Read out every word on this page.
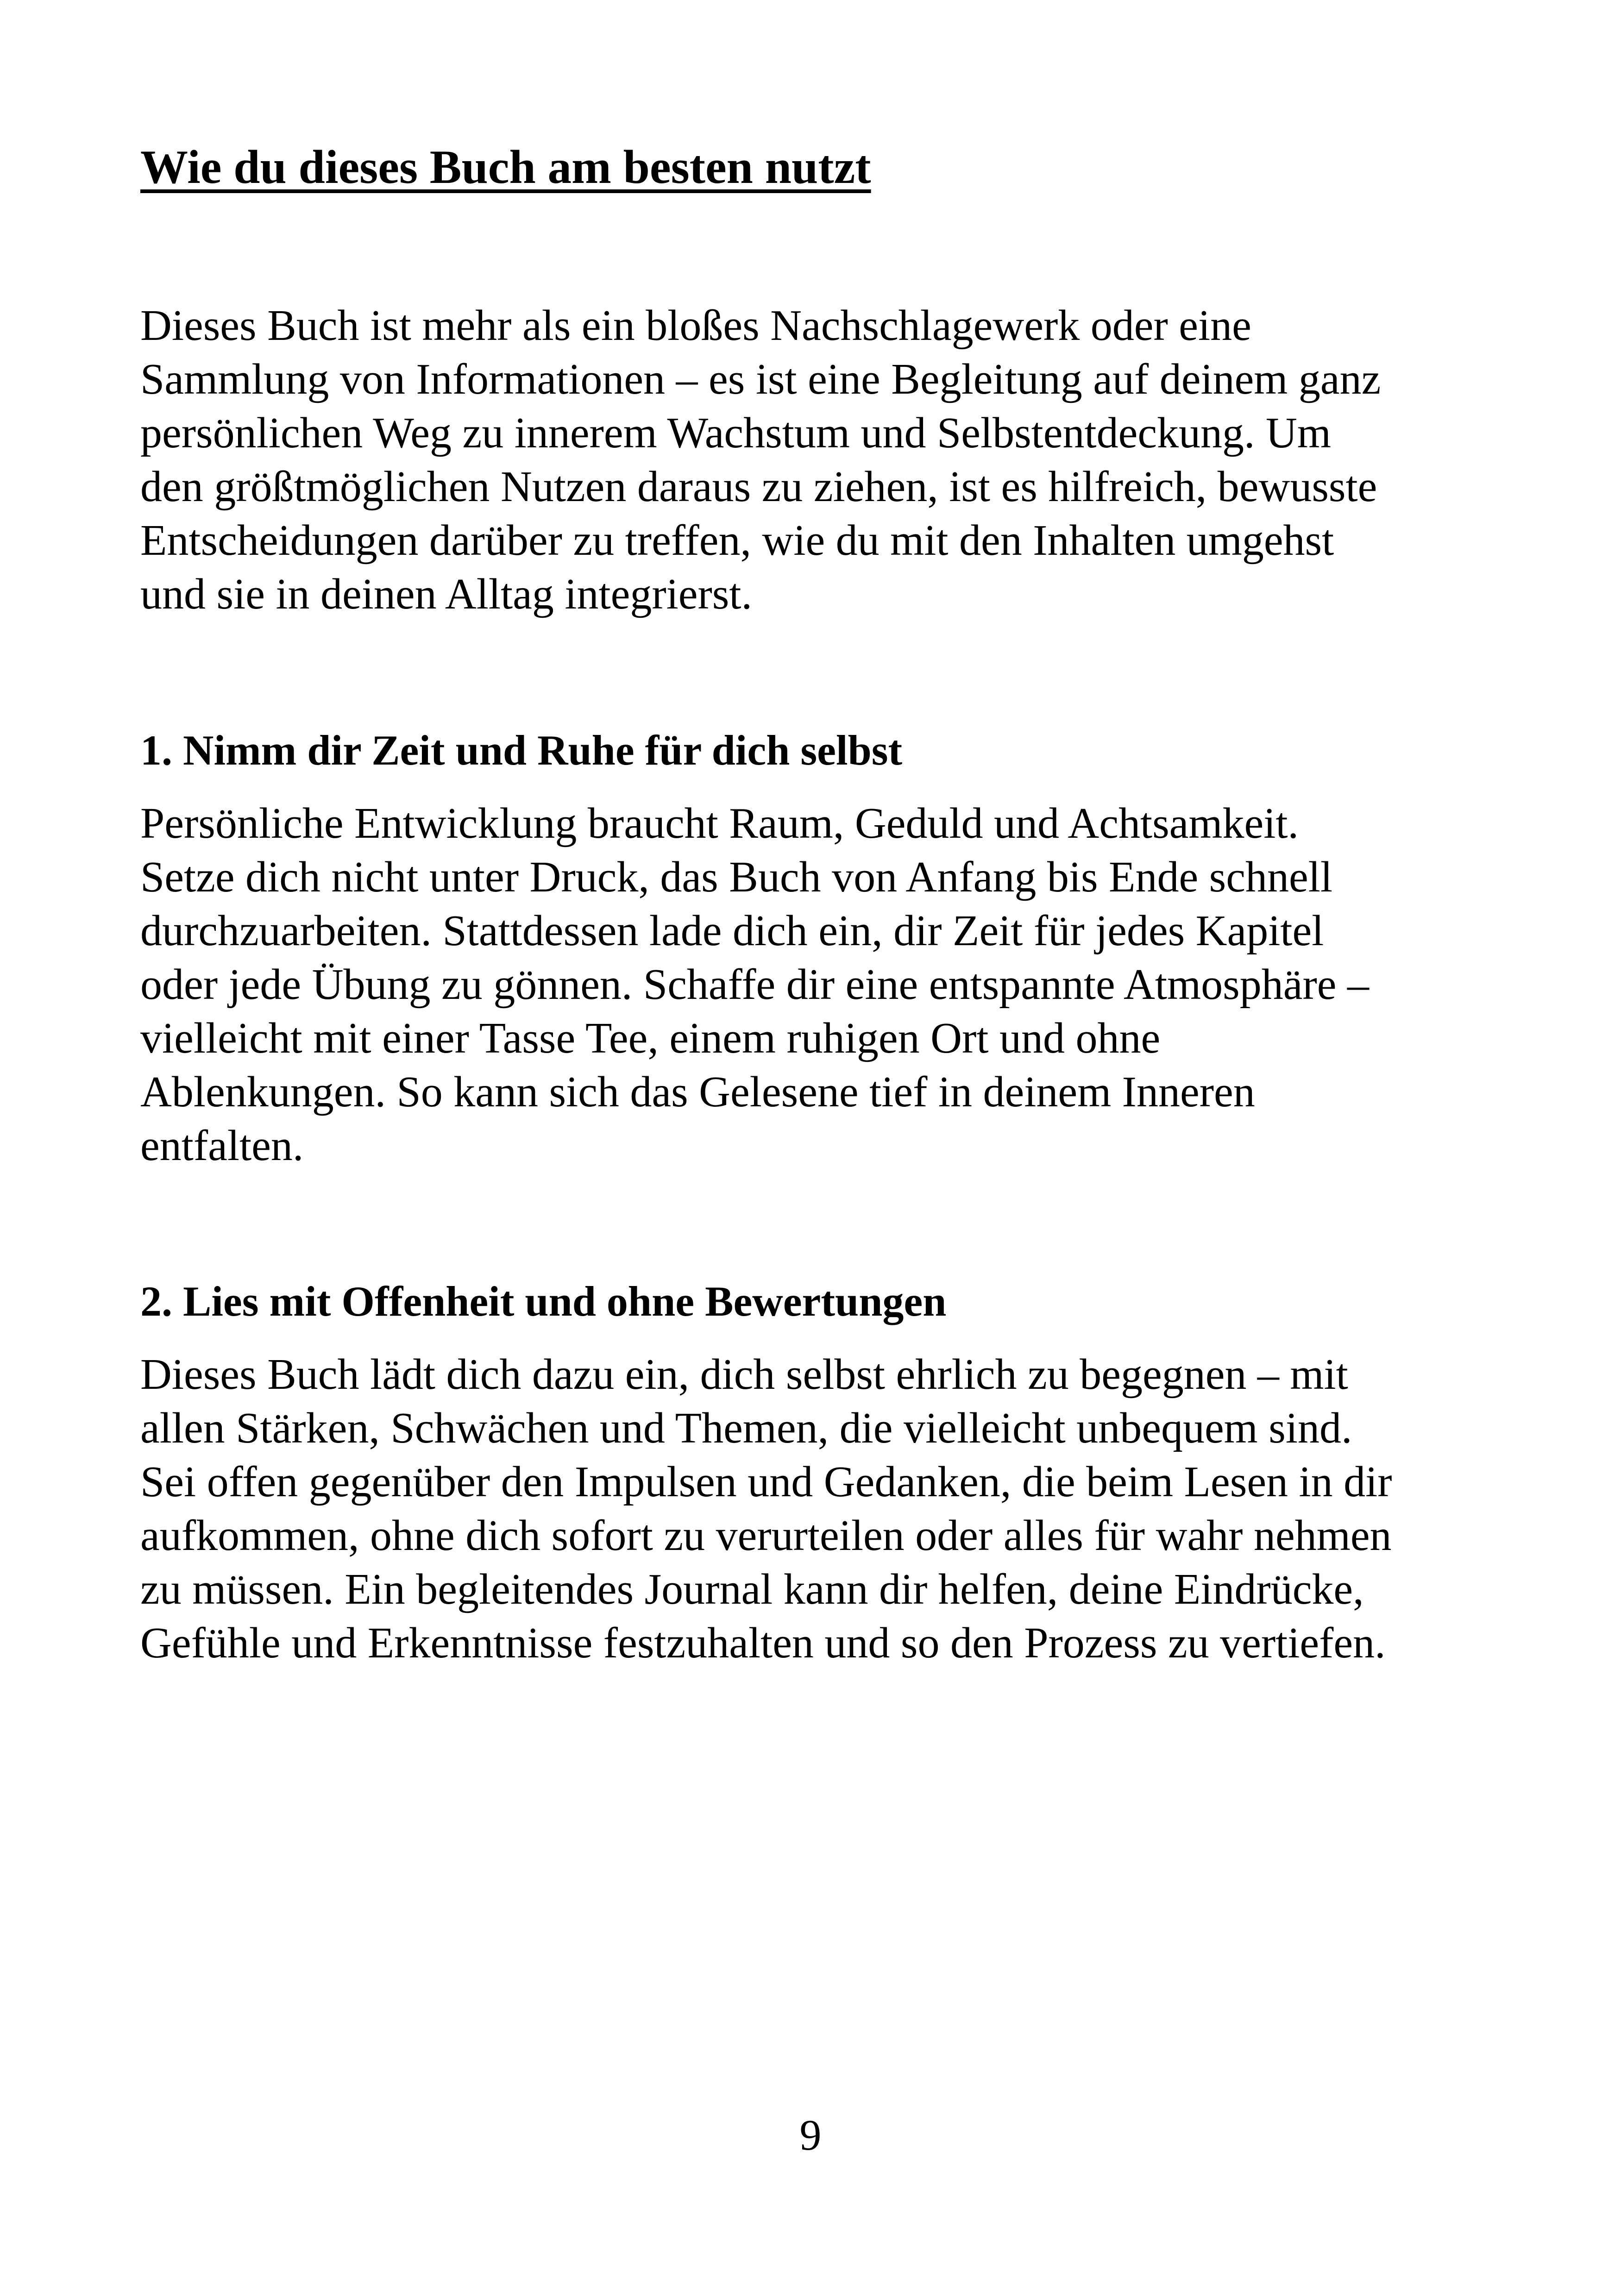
Wie du dieses Buch am besten nutzt
Dieses Buch ist mehr als ein bloßes Nachschlagewerk oder eine
Sammlung von Informationen – es ist eine Begleitung auf deinem ganz
persönlichen Weg zu innerem Wachstum und Selbstentdeckung. Um
den größtmöglichen Nutzen daraus zu ziehen, ist es hilfreich, bewusste
Entscheidungen darüber zu treffen, wie du mit den Inhalten umgehst
und sie in deinen Alltag integrierst.
1. Nimm dir Zeit und Ruhe für dich selbst
Persönliche Entwicklung braucht Raum, Geduld und Achtsamkeit.
Setze dich nicht unter Druck, das Buch von Anfang bis Ende schnell
durchzuarbeiten. Stattdessen lade dich ein, dir Zeit für jedes Kapitel
oder jede Übung zu gönnen. Schaffe dir eine entspannte Atmosphäre –
vielleicht mit einer Tasse Tee, einem ruhigen Ort und ohne
Ablenkungen. So kann sich das Gelesene tief in deinem Inneren
entfalten.
2. Lies mit Offenheit und ohne Bewertungen
Dieses Buch lädt dich dazu ein, dich selbst ehrlich zu begegnen – mit
allen Stärken, Schwächen und Themen, die vielleicht unbequem sind.
Sei offen gegenüber den Impulsen und Gedanken, die beim Lesen in dir
aufkommen, ohne dich sofort zu verurteilen oder alles für wahr nehmen
zu müssen. Ein begleitendes Journal kann dir helfen, deine Eindrücke,
Gefühle und Erkenntnisse festzuhalten und so den Prozess zu vertiefen.
9
